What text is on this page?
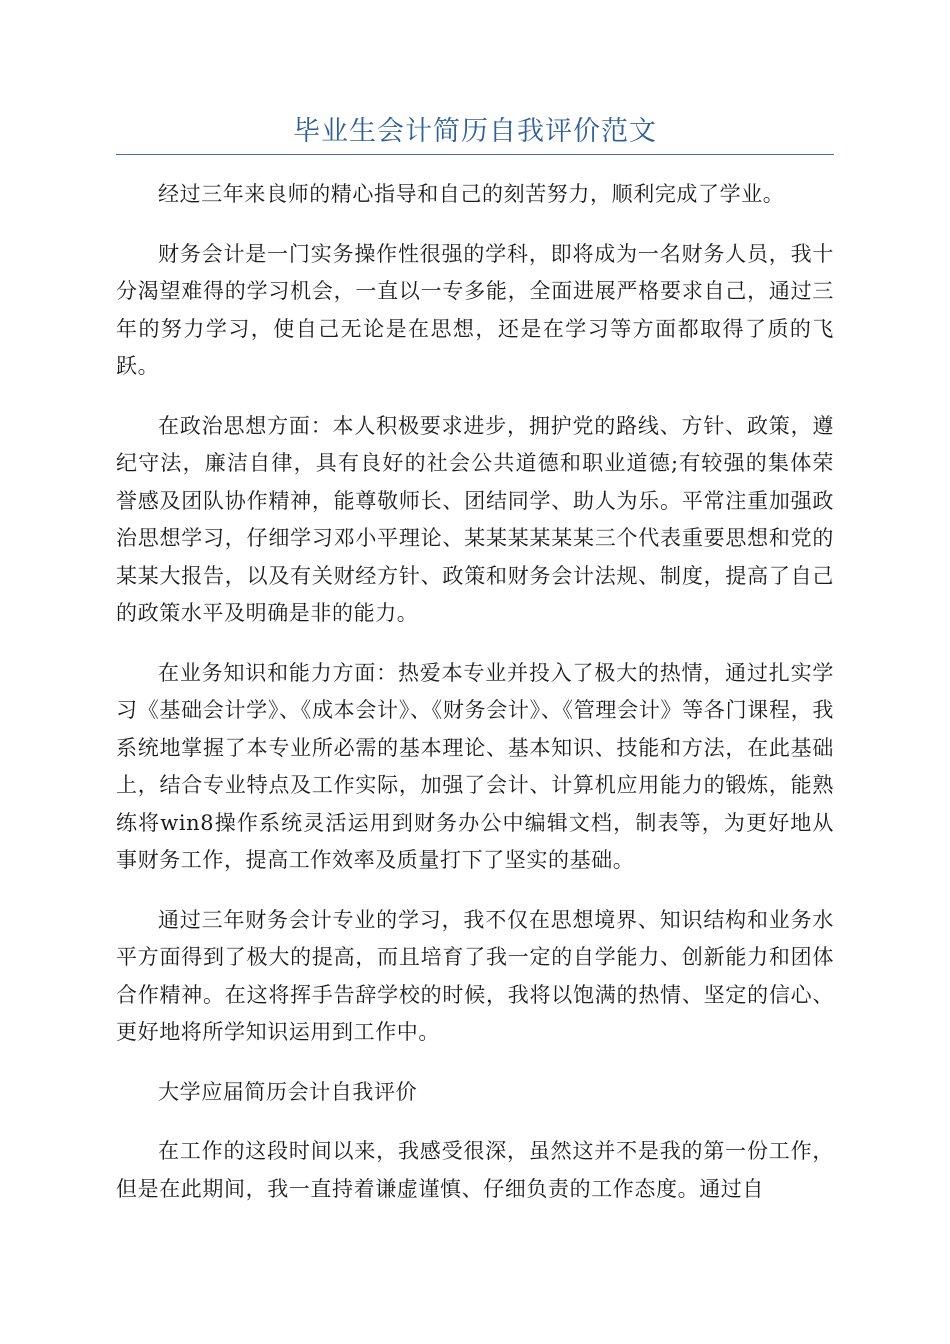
毕业生会计简历自我评价范文

经过三年来良师的精心指导和自己的刻苦努力，顺利完成了学业。

财务会计是一门实务操作性很强的学科，即将成为一名财务人员，我十分渴望难得的学习机会，一直以一专多能，全面进展严格要求自己，通过三年的努力学习，使自己无论是在思想，还是在学习等方面都取得了质的飞跃。

在政治思想方面：本人积极要求进步，拥护党的路线、方针、政策，遵纪守法，廉洁自律，具有良好的社会公共道德和职业道德;有较强的集体荣誉感及团队协作精神，能尊敬师长、团结同学、助人为乐。平常注重加强政治思想学习，仔细学习邓小平理论、某某某某某某三个代表重要思想和党的某某大报告，以及有关财经方针、政策和财务会计法规、制度，提高了自己的政策水平及明确是非的能力。

在业务知识和能力方面：热爱本专业并投入了极大的热情，通过扎实学习《基础会计学》、《成本会计》、《财务会计》、《管理会计》等各门课程，我系统地掌握了本专业所必需的基本理论、基本知识、技能和方法，在此基础上，结合专业特点及工作实际，加强了会计、计算机应用能力的锻炼，能熟练将win8操作系统灵活运用到财务办公中编辑文档，制表等，为更好地从事财务工作，提高工作效率及质量打下了坚实的基础。

通过三年财务会计专业的学习，我不仅在思想境界、知识结构和业务水平方面得到了极大的提高，而且培育了我一定的自学能力、创新能力和团体合作精神。在这将挥手告辞学校的时候，我将以饱满的热情、坚定的信心、更好地将所学知识运用到工作中。

大学应届简历会计自我评价

在工作的这段时间以来，我感受很深，虽然这并不是我的第一份工作，但是在此期间，我一直持着谦虚谨慎、仔细负责的工作态度。通过自
